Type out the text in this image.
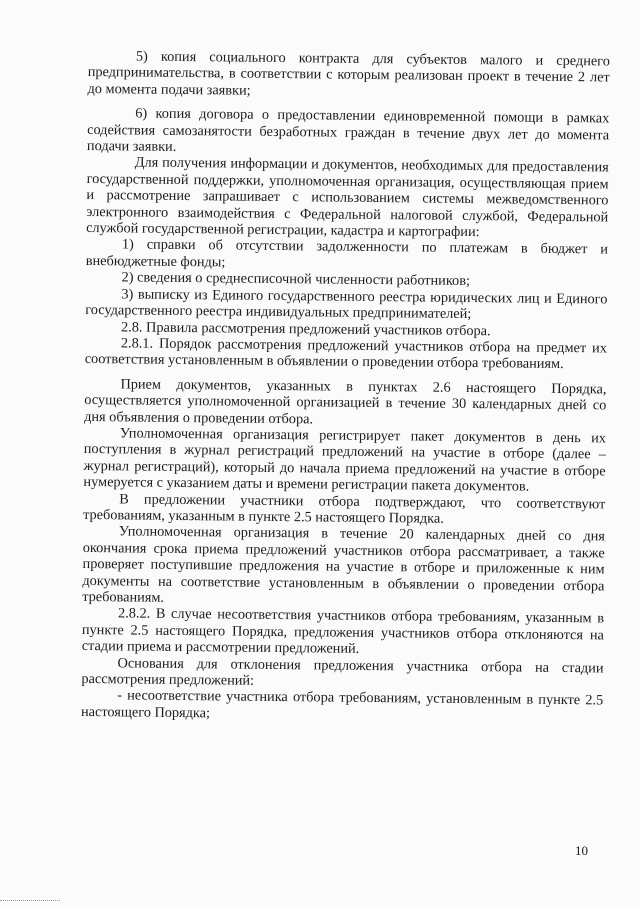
5) копия социального контракта для субъектов малого и среднего предпринимательства, в соответствии с которым реализован проект в течение 2 лет до момента подачи заявки;

6) копия договора о предоставлении единовременной помощи в рамках содействия самозанятости безработных граждан в течение двух лет до момента подачи заявки.

Для получения информации и документов, необходимых для предоставления государственной поддержки, уполномоченная организация, осуществляющая прием и рассмотрение запрашивает с использованием системы межведомственного электронного взаимодействия с Федеральной налоговой службой, Федеральной службой государственной регистрации, кадастра и картографии:

1) справки об отсутствии задолженности по платежам в бюджет и внебюджетные фонды;

2) сведения о среднесписочной численности работников;

3) выписку из Единого государственного реестра юридических лиц и Единого государственного реестра индивидуальных предпринимателей;

2.8. Правила рассмотрения предложений участников отбора.

2.8.1. Порядок рассмотрения предложений участников отбора на предмет их соответствия установленным в объявлении о проведении отбора требованиям.

Прием документов, указанных в пунктах 2.6 настоящего Порядка, осуществляется уполномоченной организацией в течение 30 календарных дней со дня объявления о проведении отбора.

Уполномоченная организация регистрирует пакет документов в день их поступления в журнал регистраций предложений на участие в отборе (далее – журнал регистраций), который до начала приема предложений на участие в отборе нумеруется с указанием даты и времени регистрации пакета документов.

В предложении участники отбора подтверждают, что соответствуют требованиям, указанным в пункте 2.5 настоящего Порядка.

Уполномоченная организация в течение 20 календарных дней со дня окончания срока приема предложений участников отбора рассматривает, а также проверяет поступившие предложения на участие в отборе и приложенные к ним документы на соответствие установленным в объявлении о проведении отбора требованиям.

2.8.2. В случае несоответствия участников отбора требованиям, указанным в пункте 2.5 настоящего Порядка, предложения участников отбора отклоняются на стадии приема и рассмотрении предложений.

Основания для отклонения предложения участника отбора на стадии рассмотрения предложений:

- несоответствие участника отбора требованиям, установленным в пункте 2.5 настоящего Порядка;

10
